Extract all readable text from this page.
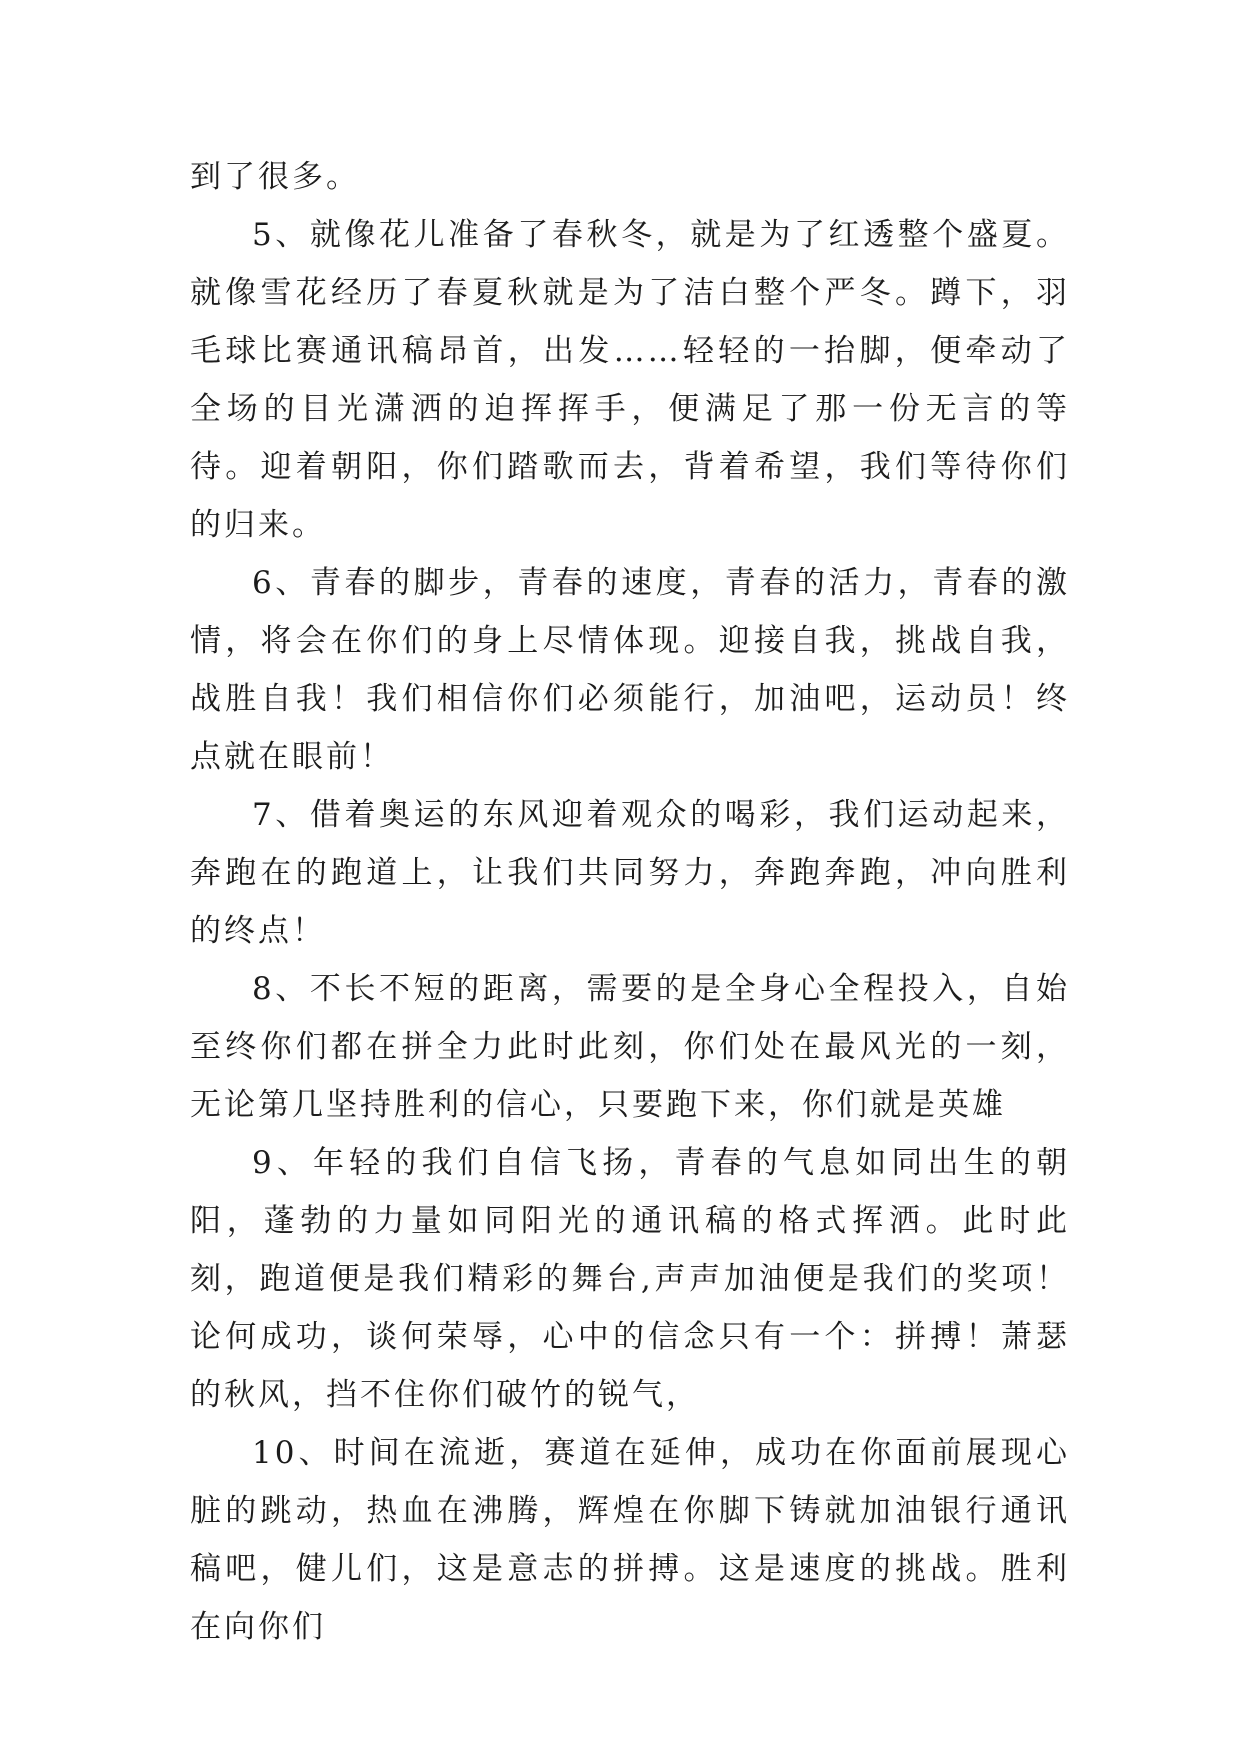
到了很多。

5、就像花儿准备了春秋冬，就是为了红透整个盛夏。就像雪花经历了春夏秋就是为了洁白整个严冬。蹲下，羽毛球比赛通讯稿昂首，出发……轻轻的一抬脚，便牵动了全场的目光潇洒的迫挥挥手，便满足了那一份无言的等待。迎着朝阳，你们踏歌而去，背着希望，我们等待你们的归来。

6、青春的脚步，青春的速度，青春的活力，青春的激情，将会在你们的身上尽情体现。迎接自我，挑战自我，战胜自我！我们相信你们必须能行，加油吧，运动员！终点就在眼前！

7、借着奥运的东风迎着观众的喝彩，我们运动起来，奔跑在的跑道上，让我们共同努力，奔跑奔跑，冲向胜利的终点！

8、不长不短的距离，需要的是全身心全程投入，自始至终你们都在拼全力此时此刻，你们处在最风光的一刻，无论第几坚持胜利的信心，只要跑下来，你们就是英雄

9、年轻的我们自信飞扬，青春的气息如同出生的朝阳，蓬勃的力量如同阳光的通讯稿的格式挥洒。此时此刻，跑道便是我们精彩的舞台,声声加油便是我们的奖项！论何成功，谈何荣辱，心中的信念只有一个：拼搏！萧瑟的秋风，挡不住你们破竹的锐气，

10、时间在流逝，赛道在延伸，成功在你面前展现心脏的跳动，热血在沸腾，辉煌在你脚下铸就加油银行通讯稿吧，健儿们，这是意志的拼搏。这是速度的挑战。胜利在向你们
